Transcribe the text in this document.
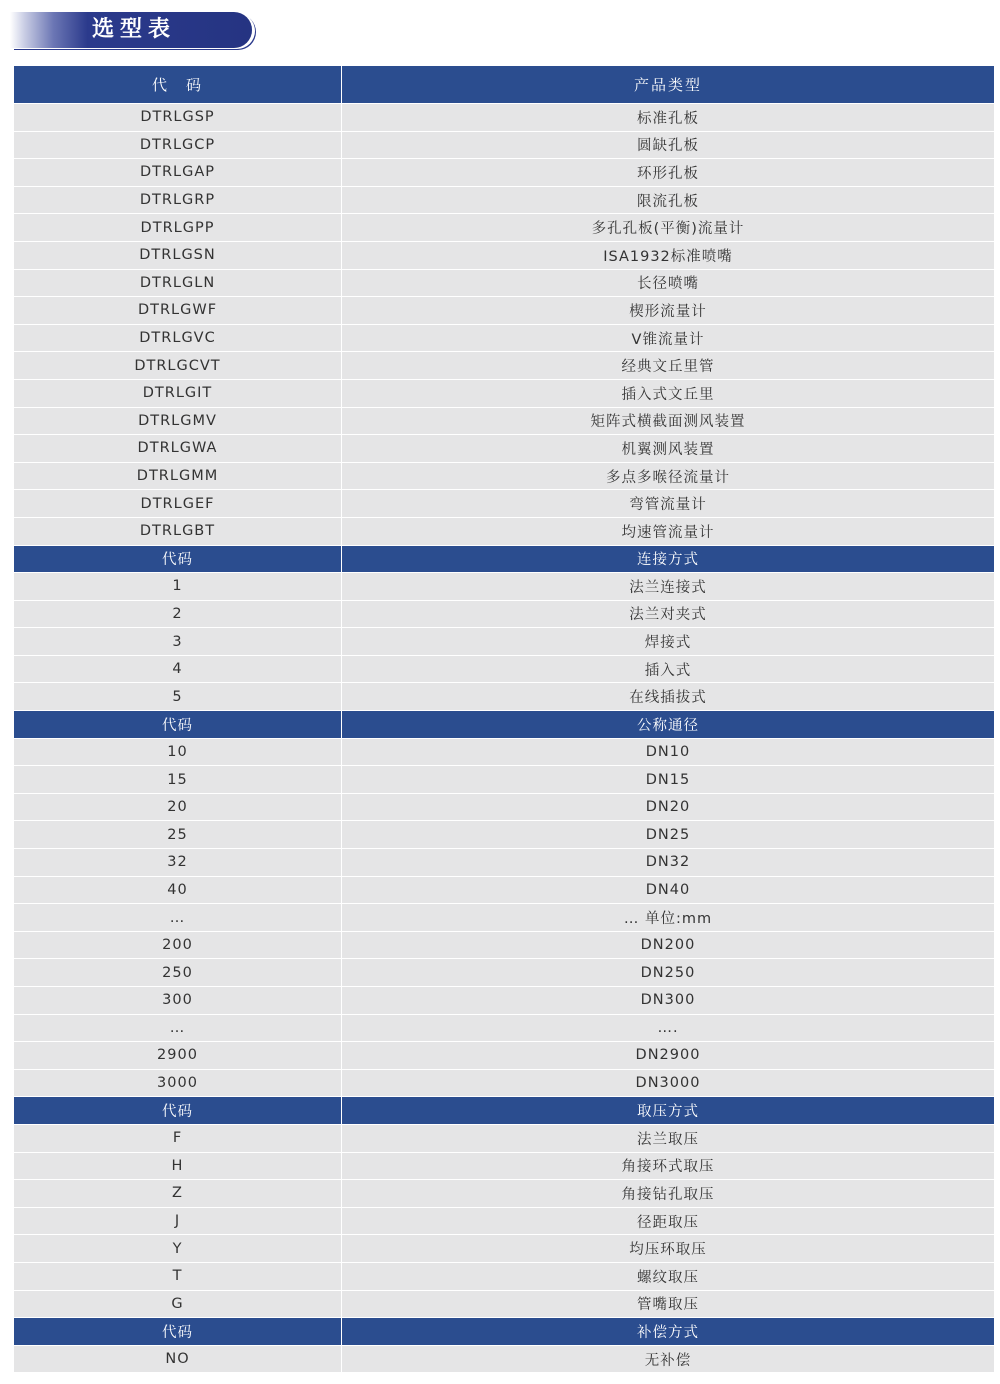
选型表
代　码	产品类型
DTRLGSP	标准孔板
DTRLGCP	圆缺孔板
DTRLGAP	环形孔板
DTRLGRP	限流孔板
DTRLGPP	多孔孔板(平衡)流量计
DTRLGSN	ISA1932标准喷嘴
DTRLGLN	长径喷嘴
DTRLGWF	楔形流量计
DTRLGVC	V锥流量计
DTRLGCVT	经典文丘里管
DTRLGIT	插入式文丘里
DTRLGMV	矩阵式横截面测风装置
DTRLGWA	机翼测风装置
DTRLGMM	多点多喉径流量计
DTRLGEF	弯管流量计
DTRLGBT	均速管流量计
代码	连接方式
1	法兰连接式
2	法兰对夹式
3	焊接式
4	插入式
5	在线插拔式
代码	公称通径
10	DN10
15	DN15
20	DN20
25	DN25
32	DN32
40	DN40
…	… 单位:mm
200	DN200
250	DN250
300	DN300
…	….
2900	DN2900
3000	DN3000
代码	取压方式
F	法兰取压
H	角接环式取压
Z	角接钻孔取压
J	径距取压
Y	均压环取压
T	螺纹取压
G	管嘴取压
代码	补偿方式
NO	无补偿
